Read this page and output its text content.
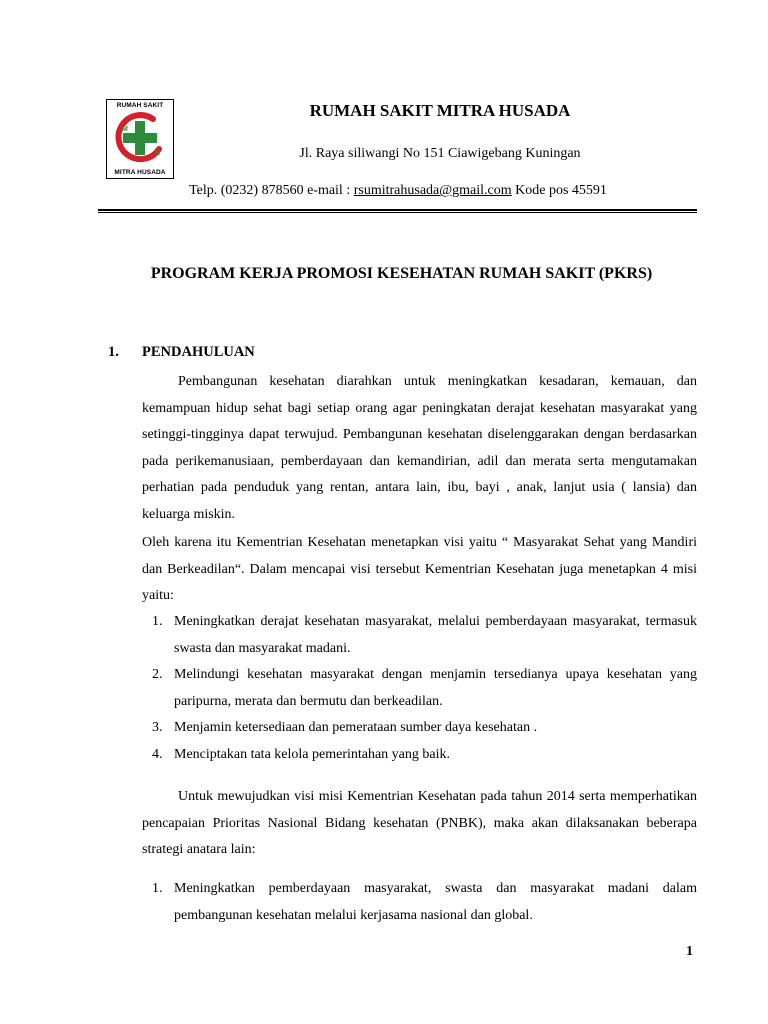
RUMAH SAKIT
M
H
MITRA HUSADA
RUMAH SAKIT MITRA HUSADA
Jl. Raya siliwangi No 151 Ciawigebang Kuningan
Telp. (0232) 878560 e-mail : rsumitrahusada@gmail.com Kode pos 45591
PROGRAM KERJA PROMOSI KESEHATAN RUMAH SAKIT (PKRS)
1. PENDAHULUAN

Pembangunan kesehatan diarahkan untuk meningkatkan kesadaran, kemauan, dan kemampuan hidup sehat bagi setiap orang agar peningkatan derajat kesehatan masyarakat yang setinggi-tingginya dapat terwujud. Pembangunan kesehatan diselenggarakan dengan berdasarkan pada perikemanusiaan, pemberdayaan dan kemandirian, adil dan merata serta mengutamakan perhatian pada penduduk yang rentan, antara lain, ibu, bayi , anak, lanjut usia ( lansia) dan keluarga miskin.

Oleh karena itu Kementrian Kesehatan menetapkan visi yaitu “ Masyarakat Sehat yang Mandiri dan Berkeadilan“. Dalam mencapai visi tersebut Kementrian Kesehatan juga menetapkan 4 misi yaitu:

1. Meningkatkan derajat kesehatan masyarakat, melalui pemberdayaan masyarakat, termasuk swasta dan masyarakat madani.
2. Melindungi kesehatan masyarakat dengan menjamin tersedianya upaya kesehatan yang paripurna, merata dan bermutu dan berkeadilan.
3. Menjamin ketersediaan dan pemerataan sumber daya kesehatan .
4. Menciptakan tata kelola pemerintahan yang baik.

Untuk mewujudkan visi misi Kementrian Kesehatan pada tahun 2014 serta memperhatikan pencapaian Prioritas Nasional Bidang kesehatan (PNBK), maka akan dilaksanakan beberapa strategi anatara lain:

1. Meningkatkan pemberdayaan masyarakat, swasta dan masyarakat madani dalam pembangunan kesehatan melalui kerjasama nasional dan global.
1
